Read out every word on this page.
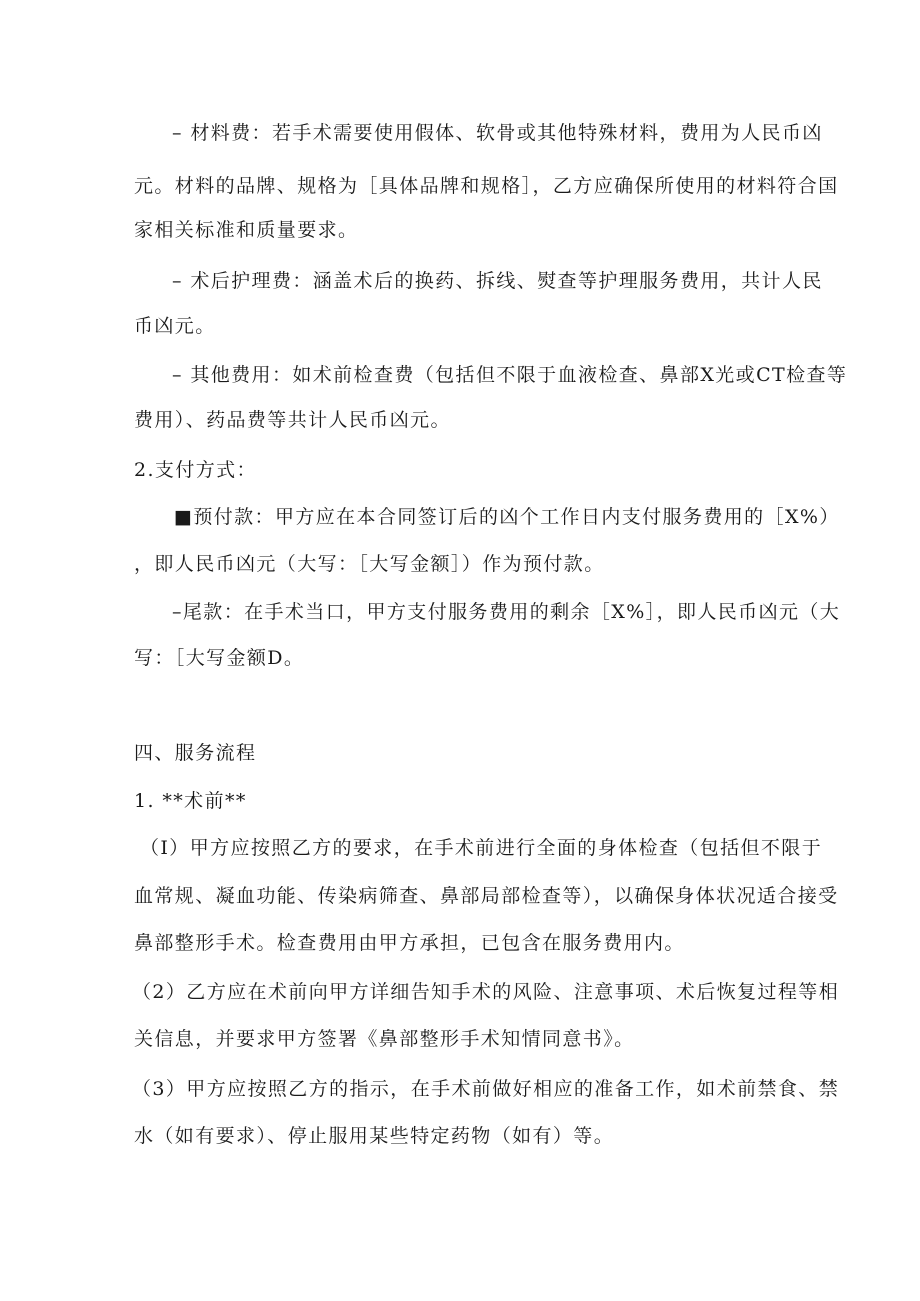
– 材料费：若手术需要使用假体、软骨或其他特殊材料，费用为人民币凶
元。材料的品牌、规格为［具体品牌和规格］，乙方应确保所使用的材料符合国
家相关标准和质量要求。
– 术后护理费：涵盖术后的换药、拆线、熨查等护理服务费用，共计人民
币凶元。
– 其他费用：如术前检查费（包括但不限于血液检查、鼻部X光或CT检查等
费用）、药品费等共计人民币凶元。
2.支付方式：
■预付款：甲方应在本合同签订后的凶个工作日内支付服务费用的［X%）
，即人民币凶元（大写：［大写金额］）作为预付款。
–尾款：在手术当口，甲方支付服务费用的剩余［X%］，即人民币凶元（大
写：［大写金额D。
四、服务流程
1. **术前**
（I）甲方应按照乙方的要求，在手术前进行全面的身体检查（包括但不限于
血常规、凝血功能、传染病筛查、鼻部局部检查等），以确保身体状况适合接受
鼻部整形手术。检查费用由甲方承担，已包含在服务费用内。
（2）乙方应在术前向甲方详细告知手术的风险、注意事项、术后恢复过程等相
关信息，并要求甲方签署《鼻部整形手术知情同意书》。
（3）甲方应按照乙方的指示，在手术前做好相应的准备工作，如术前禁食、禁
水（如有要求）、停止服用某些特定药物（如有）等。
